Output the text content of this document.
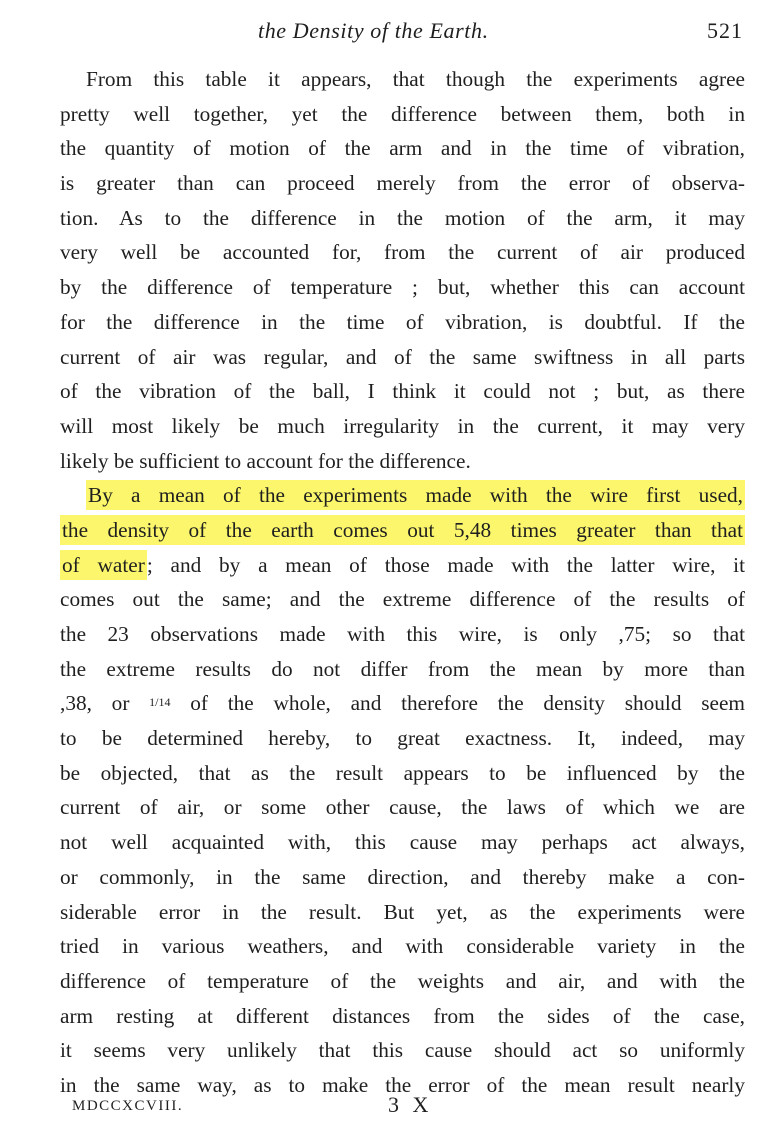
the Density of the Earth.	521
From this table it appears, that though the experiments agree
pretty well together, yet the difference between them, both in
the quantity of motion of the arm and in the time of vibration,
is greater than can proceed merely from the error of observa-
tion. As to the difference in the motion of the arm, it may
very well be accounted for, from the current of air produced
by the difference of temperature ; but, whether this can account
for the difference in the time of vibration, is doubtful. If the
current of air was regular, and of the same swiftness in all parts
of the vibration of the ball, I think it could not ; but, as there
will most likely be much irregularity in the current, it may very
likely be sufficient to account for the difference.
By a mean of the experiments made with the wire first used,
the density of the earth comes out 5,48 times greater than that
of water; and by a mean of those made with the latter wire, it
comes out the same; and the extreme difference of the results of
the 23 observations made with this wire, is only ,75; so that
the extreme results do not differ from the mean by more than
,38, or 1/14 of the whole, and therefore the density should seem
to be determined hereby, to great exactness. It, indeed, may
be objected, that as the result appears to be influenced by the
current of air, or some other cause, the laws of which we are
not well acquainted with, this cause may perhaps act always,
or commonly, in the same direction, and thereby make a con-
siderable error in the result. But yet, as the experiments were
tried in various weathers, and with considerable variety in the
difference of temperature of the weights and air, and with the
arm resting at different distances from the sides of the case,
it seems very unlikely that this cause should act so uniformly
in the same way, as to make the error of the mean result nearly
MDCCXCVIII.	3 X
